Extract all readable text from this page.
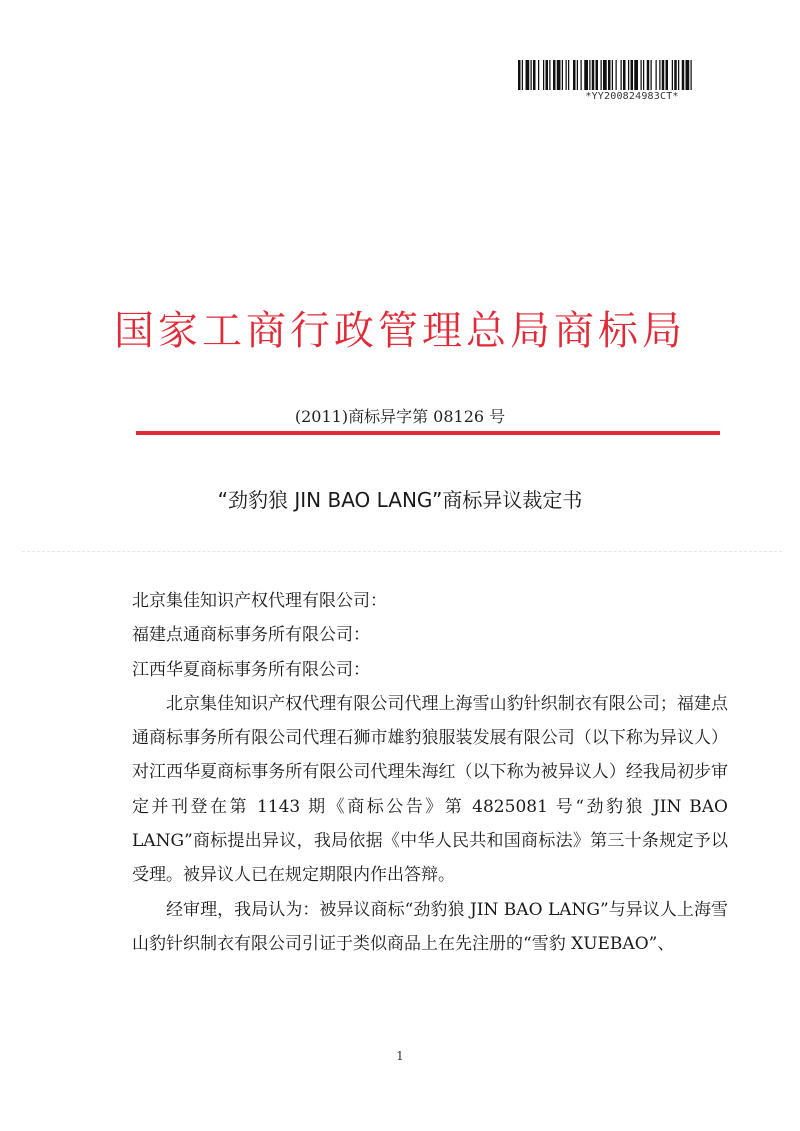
*YY200824983CT*
国家工商行政管理总局商标局
(2011)商标异字第 08126 号
“劲豹狼 JIN BAO LANG”商标异议裁定书

北京集佳知识产权代理有限公司：

福建点通商标事务所有限公司：

江西华夏商标事务所有限公司：

北京集佳知识产权代理有限公司代理上海雪山豹针织制衣有限公司；福建点通商标事务所有限公司代理石狮市雄豹狼服装发展有限公司（以下称为异议人）对江西华夏商标事务所有限公司代理朱海红（以下称为被异议人）经我局初步审定并刊登在第 1143 期《商标公告》第 4825081 号“劲豹狼 JIN BAO LANG”商标提出异议，我局依据《中华人民共和国商标法》第三十条规定予以受理。被异议人已在规定期限内作出答辩。

经审理，我局认为：被异议商标“劲豹狼 JIN BAO LANG”与异议人上海雪山豹针织制衣有限公司引证于类似商品上在先注册的“雪豹 XUEBAO”、

1
